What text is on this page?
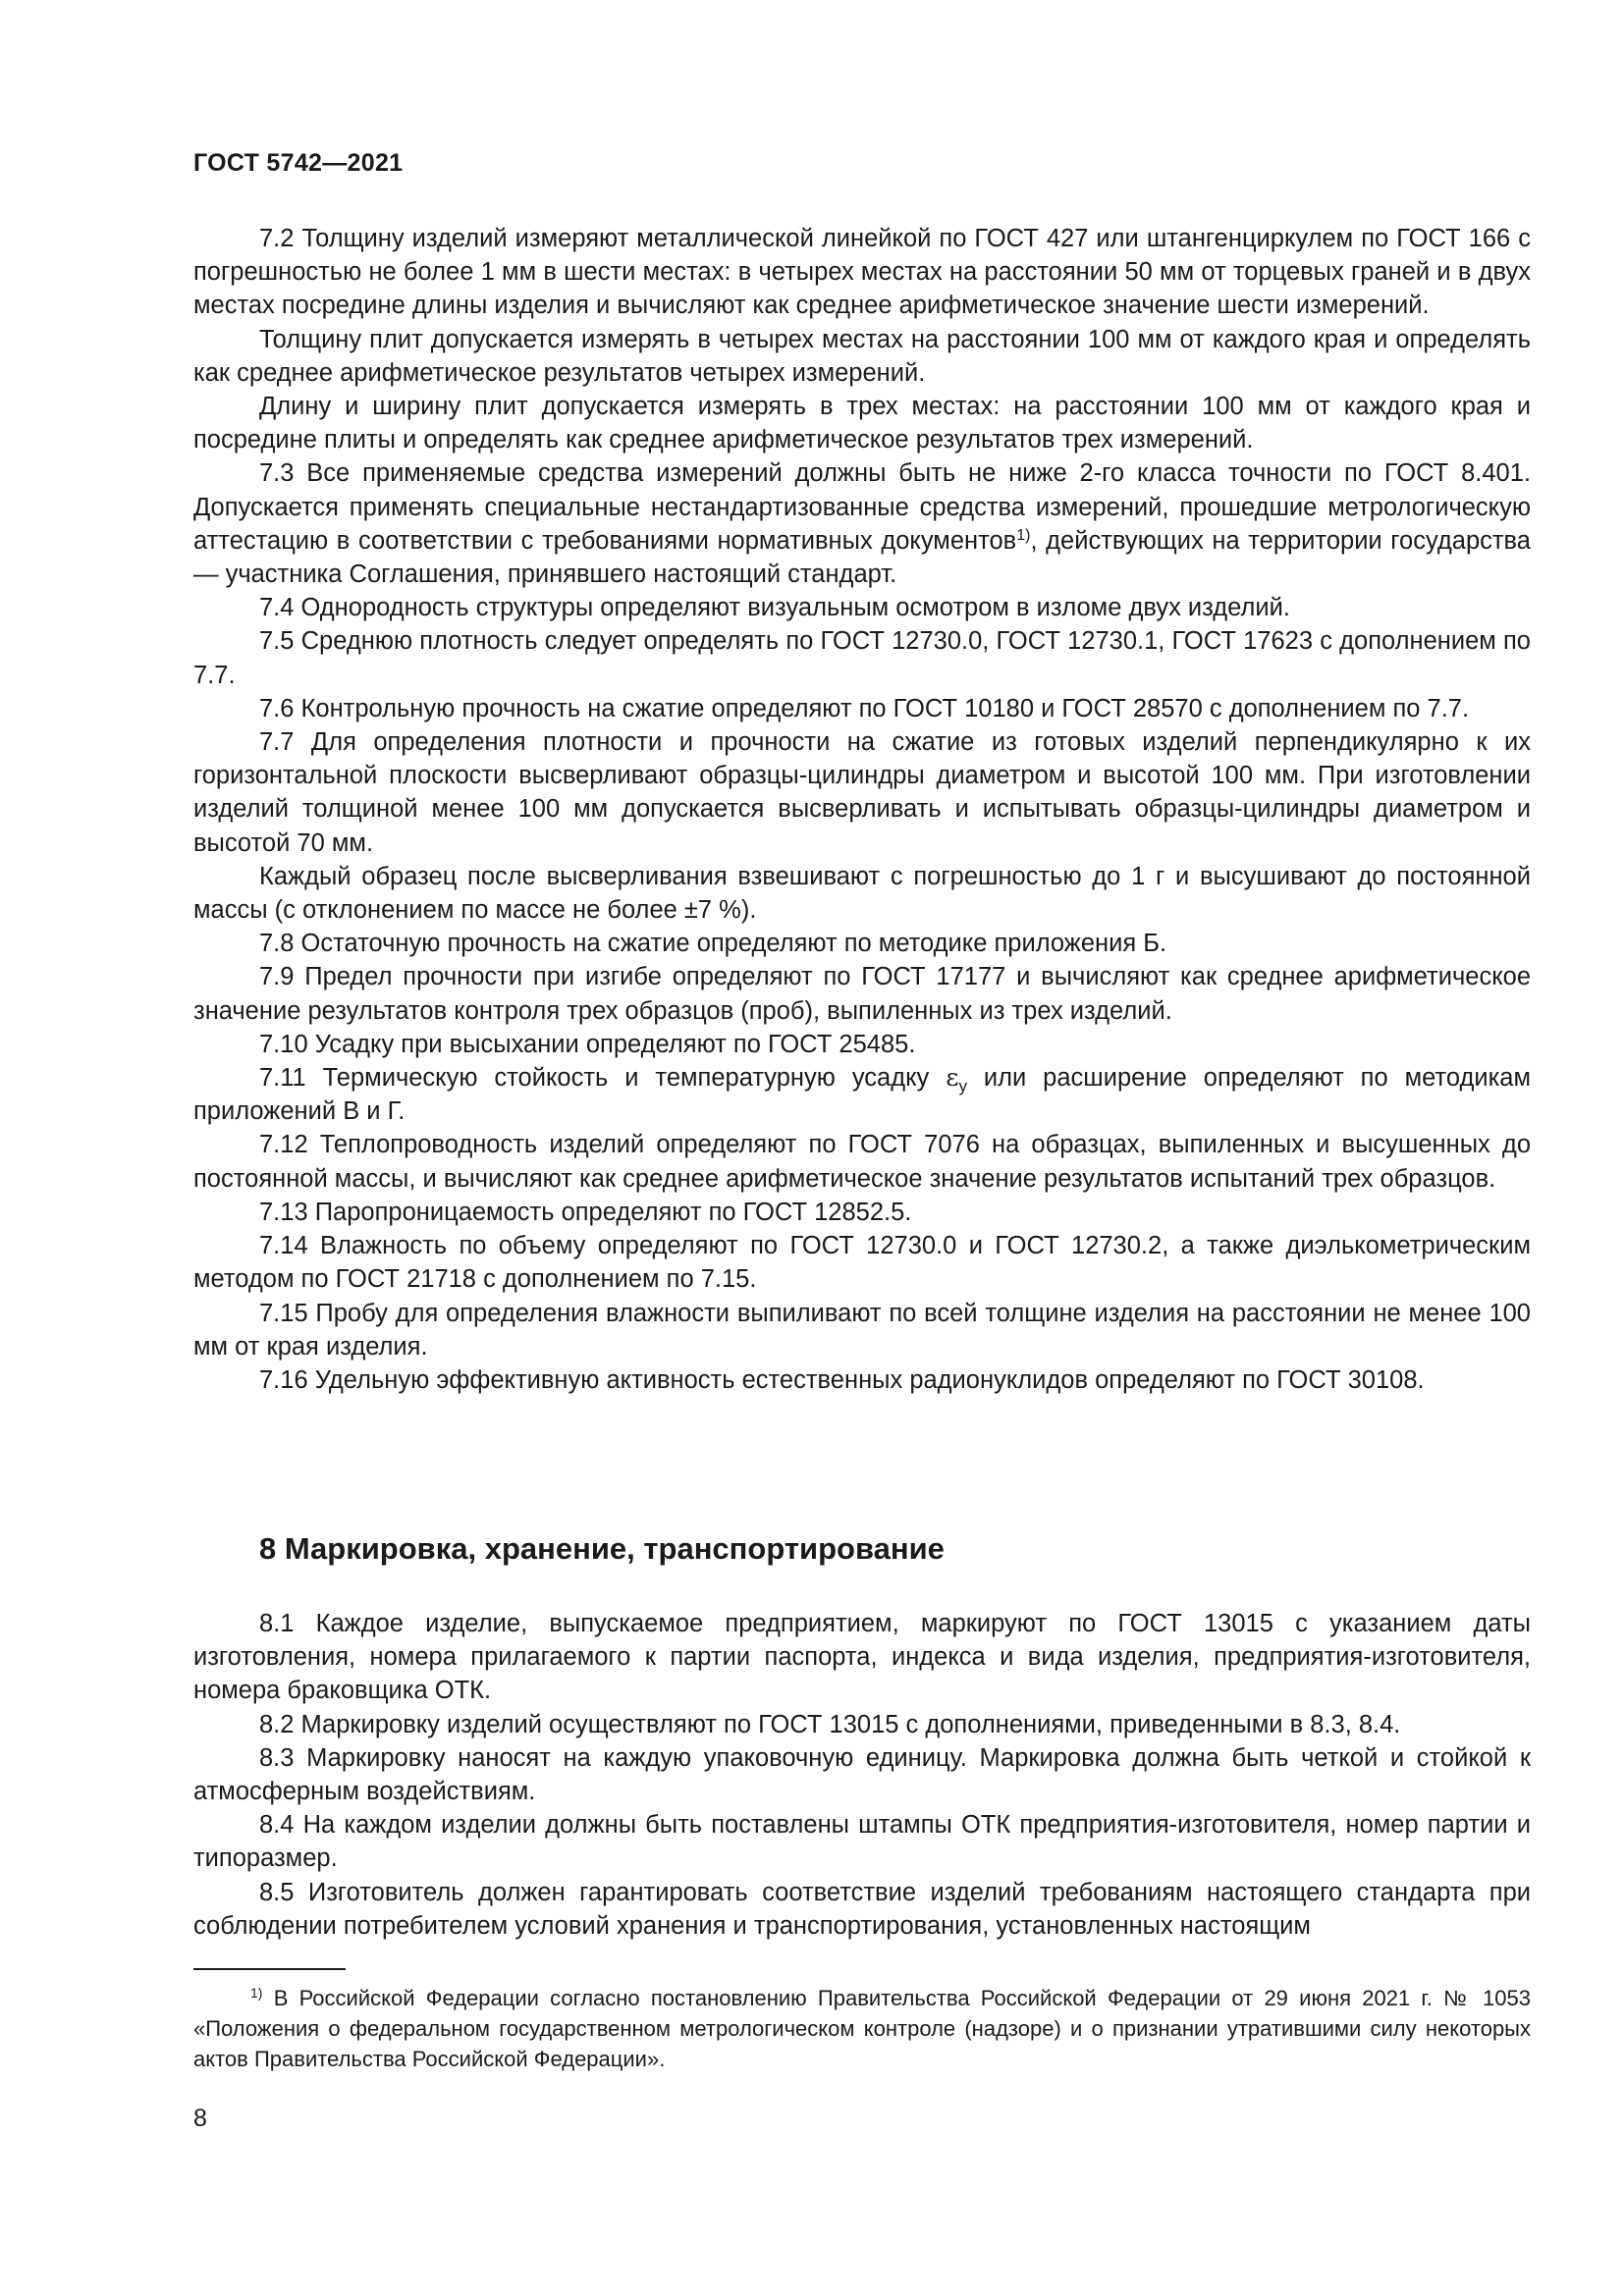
ГОСТ 5742—2021

7.2 Толщину изделий измеряют металлической линейкой по ГОСТ 427 или штангенциркулем по ГОСТ 166 с погрешностью не более 1 мм в шести местах: в четырех местах на расстоянии 50 мм от торцевых граней и в двух местах посредине длины изделия и вычисляют как среднее арифметическое значение шести измерений.

Толщину плит допускается измерять в четырех местах на расстоянии 100 мм от каждого края и определять как среднее арифметическое результатов четырех измерений.

Длину и ширину плит допускается измерять в трех местах: на расстоянии 100 мм от каждого края и посредине плиты и определять как среднее арифметическое результатов трех измерений.

7.3 Все применяемые средства измерений должны быть не ниже 2-го класса точности по ГОСТ 8.401. Допускается применять специальные нестандартизованные средства измерений, прошедшие метрологическую аттестацию в соответствии с требованиями нормативных документов$^{1)}$, действующих на территории государства — участника Соглашения, принявшего настоящий стандарт.

7.4 Однородность структуры определяют визуальным осмотром в изломе двух изделий.

7.5 Среднюю плотность следует определять по ГОСТ 12730.0, ГОСТ 12730.1, ГОСТ 17623 с дополнением по 7.7.

7.6 Контрольную прочность на сжатие определяют по ГОСТ 10180 и ГОСТ 28570 с дополнением по 7.7.

7.7 Для определения плотности и прочности на сжатие из готовых изделий перпендикулярно к их горизонтальной плоскости высверливают образцы-цилиндры диаметром и высотой 100 мм. При изготовлении изделий толщиной менее 100 мм допускается высверливать и испытывать образцы-цилиндры диаметром и высотой 70 мм.

Каждый образец после высверливания взвешивают с погрешностью до 1 г и высушивают до постоянной массы (с отклонением по массе не более ±7 %).

7.8 Остаточную прочность на сжатие определяют по методике приложения Б.

7.9 Предел прочности при изгибе определяют по ГОСТ 17177 и вычисляют как среднее арифметическое значение результатов контроля трех образцов (проб), выпиленных из трех изделий.

7.10 Усадку при высыхании определяют по ГОСТ 25485.

7.11 Термическую стойкость и температурную усадку $\varepsilon_y$ или расширение определяют по методикам приложений В и Г.

7.12 Теплопроводность изделий определяют по ГОСТ 7076 на образцах, выпиленных и высушенных до постоянной массы, и вычисляют как среднее арифметическое значение результатов испытаний трех образцов.

7.13 Паропроницаемость определяют по ГОСТ 12852.5.

7.14 Влажность по объему определяют по ГОСТ 12730.0 и ГОСТ 12730.2, а также диэлькометрическим методом по ГОСТ 21718 с дополнением по 7.15.

7.15 Пробу для определения влажности выпиливают по всей толщине изделия на расстоянии не менее 100 мм от края изделия.

7.16 Удельную эффективную активность естественных радионуклидов определяют по ГОСТ 30108.

8 Маркировка, хранение, транспортирование

8.1 Каждое изделие, выпускаемое предприятием, маркируют по ГОСТ 13015 с указанием даты изготовления, номера прилагаемого к партии паспорта, индекса и вида изделия, предприятия-изготовителя, номера браковщика ОТК.

8.2 Маркировку изделий осуществляют по ГОСТ 13015 с дополнениями, приведенными в 8.3, 8.4.

8.3 Маркировку наносят на каждую упаковочную единицу. Маркировка должна быть четкой и стойкой к атмосферным воздействиям.

8.4 На каждом изделии должны быть поставлены штампы ОТК предприятия-изготовителя, номер партии и типоразмер.

8.5 Изготовитель должен гарантировать соответствие изделий требованиям настоящего стандарта при соблюдении потребителем условий хранения и транспортирования, установленных настоящим

$^{1)}$ В Российской Федерации согласно постановлению Правительства Российской Федерации от 29 июня 2021 г. № 1053 «Положения о федеральном государственном метрологическом контроле (надзоре) и о признании утратившими силу некоторых актов Правительства Российской Федерации».

8
